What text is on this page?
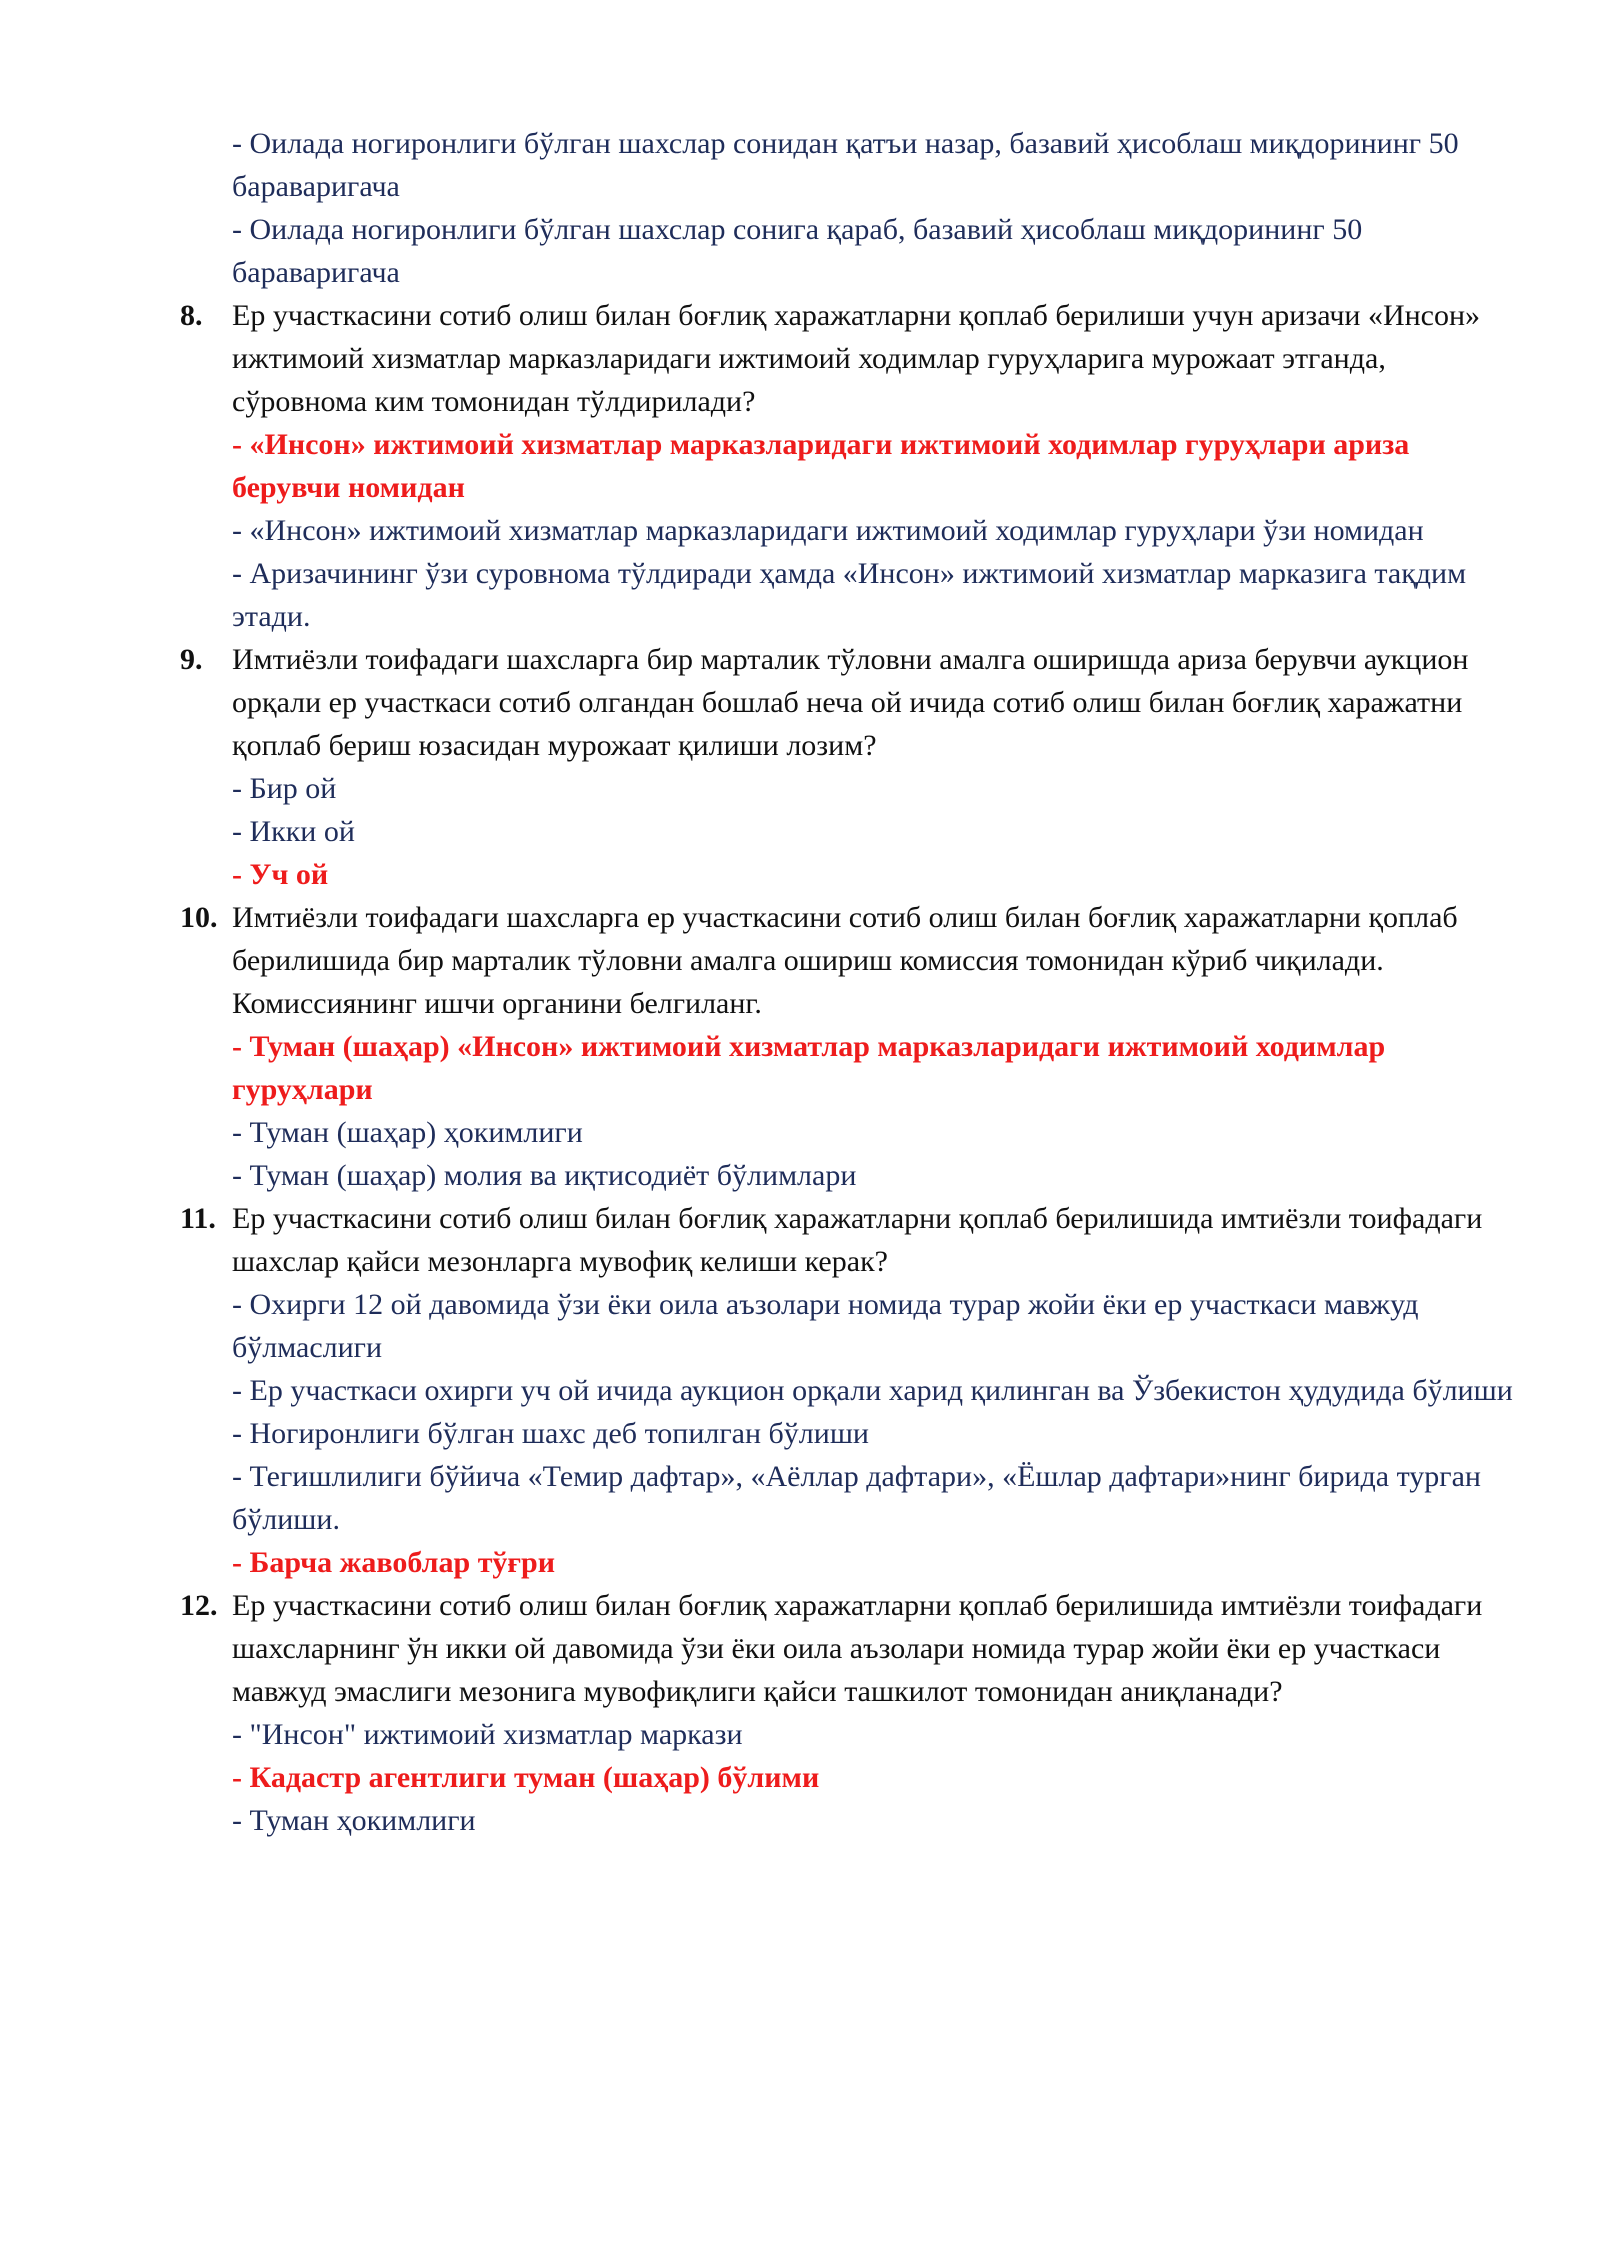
- Оилада ногиронлиги бўлган шахслар сонидан қатъи назар, базавий ҳисоблаш миқдорининг 50 бараваригача
- Оилада ногиронлиги бўлган шахслар сонига қараб, базавий ҳисоблаш миқдорининг 50 бараваригача
8. Ер участкасини сотиб олиш билан боғлиқ харажатларни қоплаб берилиши учун аризачи «Инсон» ижтимоий хизматлар марказларидаги ижтимоий ходимлар гуруҳларига мурожаат этганда, сўровнома ким томонидан тўлдирилади?
- «Инсон» ижтимоий хизматлар марказларидаги ижтимоий ходимлар гуруҳлари ариза берувчи номидан
- «Инсон» ижтимоий хизматлар марказларидаги ижтимоий ходимлар гуруҳлари ўзи номидан
- Аризачининг ўзи суровнома тўлдиради ҳамда «Инсон» ижтимоий хизматлар марказига тақдим этади.
9. Имтиёзли тоифадаги шахсларга бир марталик тўловни амалга оширишда ариза берувчи аукцион орқали ер участкаси сотиб олгандан бошлаб неча ой ичида сотиб олиш билан боғлиқ харажатни қоплаб бериш юзасидан мурожаат қилиши лозим?
- Бир ой
- Икки ой
- Уч ой
10. Имтиёзли тоифадаги шахсларга ер участкасини сотиб олиш билан боғлиқ харажатларни қоплаб берилишида бир марталик тўловни амалга ошириш комиссия томонидан кўриб чиқилади.
Комиссиянинг ишчи органини белгиланг.
- Туман (шаҳар) «Инсон» ижтимоий хизматлар марказларидаги ижтимоий ходимлар гуруҳлари
- Туман (шаҳар) ҳокимлиги
- Туман (шаҳар) молия ва иқтисодиёт бўлимлари
11. Ер участкасини сотиб олиш билан боғлиқ харажатларни қоплаб берилишида имтиёзли тоифадаги шахслар қайси мезонларга мувофиқ келиши керак?
- Охирги 12 ой давомида ўзи ёки оила аъзолари номида турар жойи ёки ер участкаси мавжуд бўлмаслиги
- Ер участкаси охирги уч ой ичида аукцион орқали харид қилинган ва Ўзбекистон ҳудудида бўлиши
- Ногиронлиги бўлган шахс деб топилган бўлиши
- Тегишлилиги бўйича «Темир дафтар», «Аёллар дафтари», «Ёшлар дафтари»нинг бирида турган бўлиши.
- Барча жавоблар тўғри
12. Ер участкасини сотиб олиш билан боғлиқ харажатларни қоплаб берилишида имтиёзли тоифадаги шахсларнинг ўн икки ой давомида ўзи ёки оила аъзолари номида турар жойи ёки ер участкаси мавжуд эмаслиги мезонига мувофиқлиги қайси ташкилот томонидан аниқланади?
- "Инсон" ижтимоий хизматлар маркази
- Кадастр агентлиги туман (шаҳар) бўлими
- Туман ҳокимлиги
